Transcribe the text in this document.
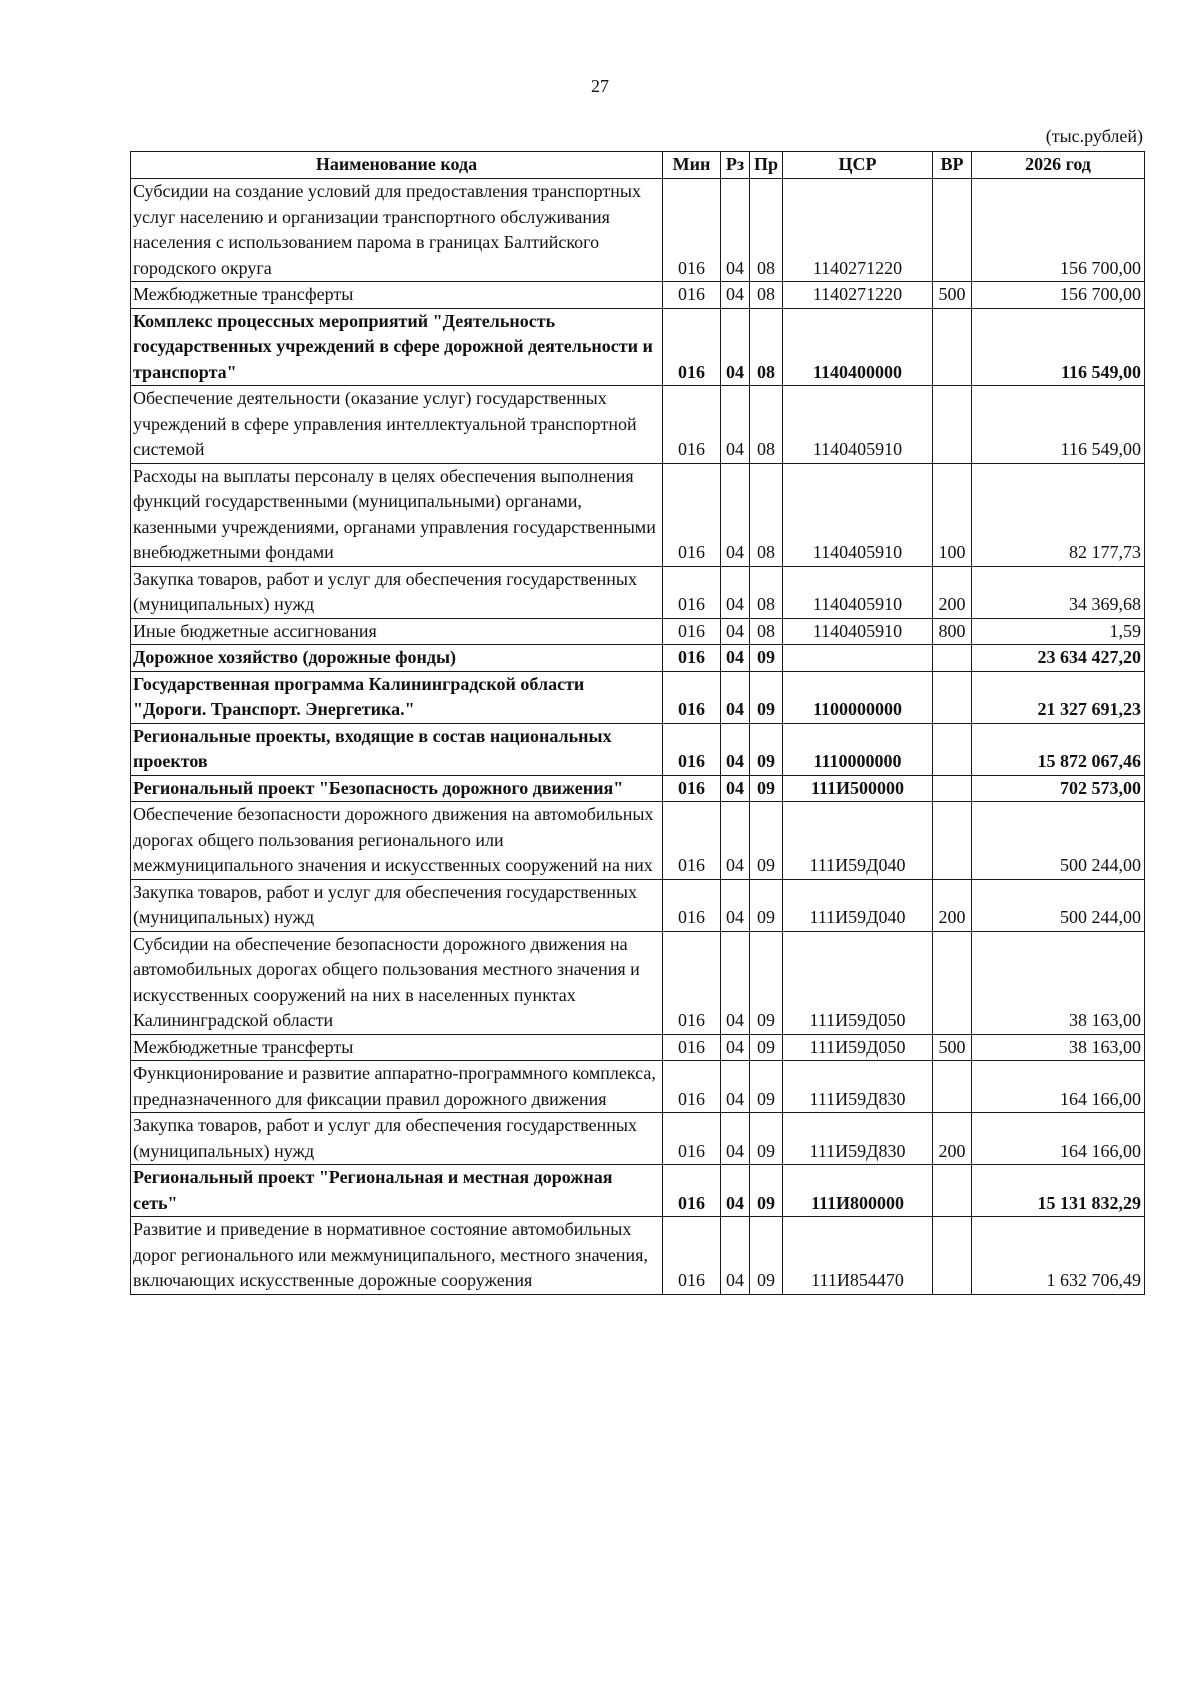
27
(тыс.рублей)
Наименование кода	Мин	Рз	Пр	ЦСР	ВР	2026 год
Субсидии на создание условий для предоставления транспортных услуг населению и организации транспортного обслуживания населения с использованием парома в границах Балтийского городского округа	016	04	08	1140271220		156 700,00
Межбюджетные трансферты	016	04	08	1140271220	500	156 700,00
Комплекс процессных мероприятий "Деятельность государственных учреждений в сфере дорожной деятельности и транспорта"	016	04	08	1140400000		116 549,00
Обеспечение деятельности (оказание услуг) государственных учреждений в сфере управления интеллектуальной транспортной системой	016	04	08	1140405910		116 549,00
Расходы на выплаты персоналу в целях обеспечения выполнения функций государственными (муниципальными) органами, казенными учреждениями, органами управления государственными внебюджетными фондами	016	04	08	1140405910	100	82 177,73
Закупка товаров, работ и услуг для обеспечения государственных (муниципальных) нужд	016	04	08	1140405910	200	34 369,68
Иные бюджетные ассигнования	016	04	08	1140405910	800	1,59
Дорожное хозяйство (дорожные фонды)	016	04	09			23 634 427,20
Государственная программа Калининградской области "Дороги. Транспорт. Энергетика."	016	04	09	1100000000		21 327 691,23
Региональные проекты, входящие в состав национальных проектов	016	04	09	1110000000		15 872 067,46
Региональный проект "Безопасность дорожного движения"	016	04	09	111И500000		702 573,00
Обеспечение безопасности дорожного движения на автомобильных дорогах общего пользования регионального или межмуниципального значения и искусственных сооружений на них	016	04	09	111И59Д040		500 244,00
Закупка товаров, работ и услуг для обеспечения государственных (муниципальных) нужд	016	04	09	111И59Д040	200	500 244,00
Субсидии на обеспечение безопасности дорожного движения на автомобильных дорогах общего пользования местного значения и искусственных сооружений на них в населенных пунктах Калининградской области	016	04	09	111И59Д050		38 163,00
Межбюджетные трансферты	016	04	09	111И59Д050	500	38 163,00
Функционирование и развитие аппаратно-программного комплекса, предназначенного для фиксации правил дорожного движения	016	04	09	111И59Д830		164 166,00
Закупка товаров, работ и услуг для обеспечения государственных (муниципальных) нужд	016	04	09	111И59Д830	200	164 166,00
Региональный проект "Региональная и местная дорожная сеть"	016	04	09	111И800000		15 131 832,29
Развитие и приведение в нормативное состояние автомобильных дорог регионального или межмуниципального, местного значения, включающих искусственные дорожные сооружения	016	04	09	111И854470		1 632 706,49
